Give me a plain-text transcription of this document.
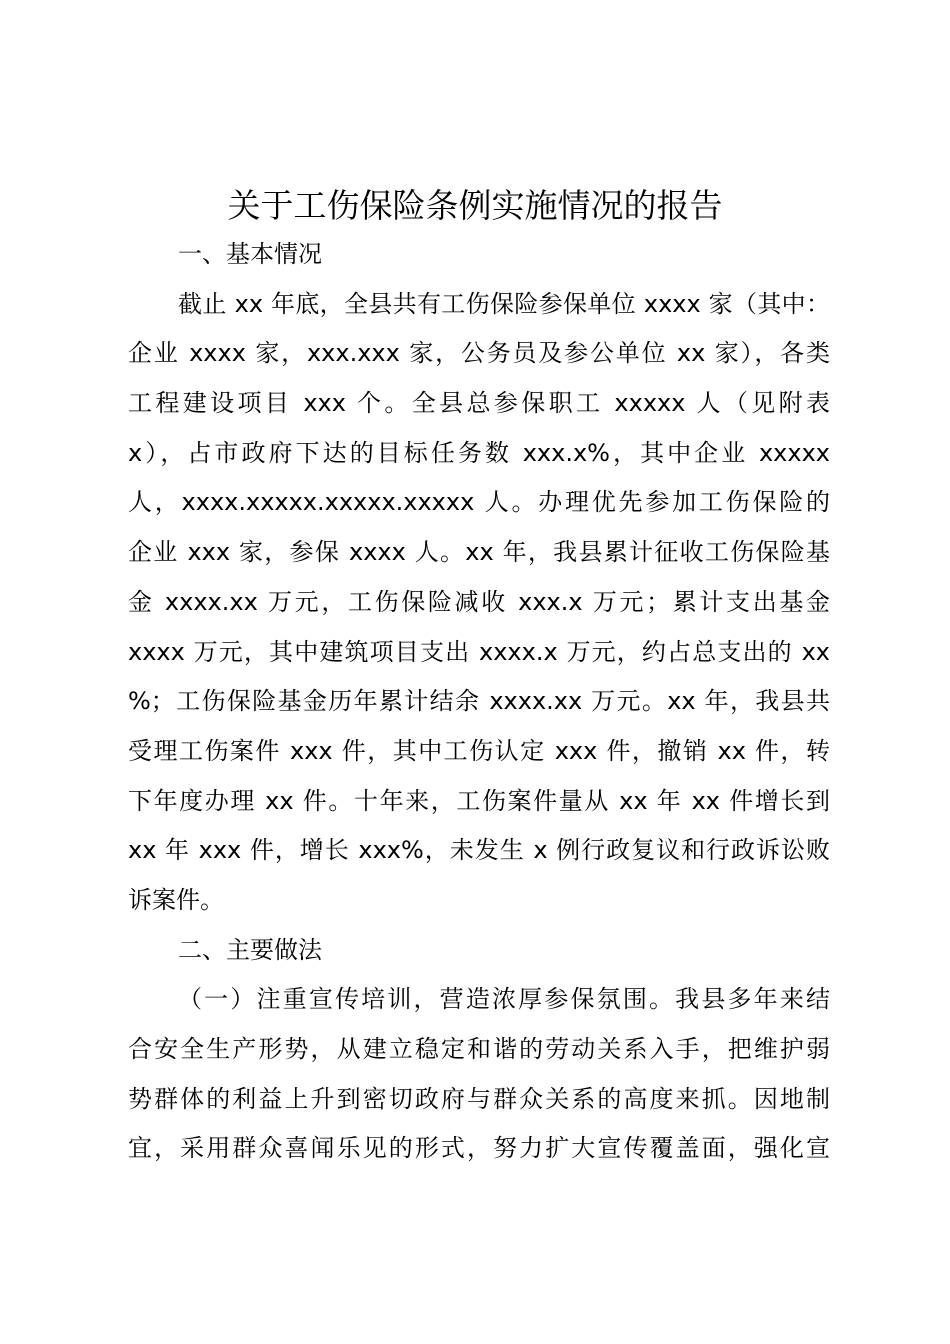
关于工伤保险条例实施情况的报告
一、基本情况
截止 xx 年底，全县共有工伤保险参保单位 xxxx 家（其中：
企业 xxxx 家，xxx.xxx 家，公务员及参公单位 xx 家），各类
工程建设项目 xxx 个。全县总参保职工 xxxxx 人（见附表
x），占市政府下达的目标任务数 xxx.x%，其中企业 xxxxx
人，xxxx.xxxxx.xxxxx.xxxxx 人。办理优先参加工伤保险的
企业 xxx 家，参保 xxxx 人。xx 年，我县累计征收工伤保险基
金 xxxx.xx 万元，工伤保险减收 xxx.x 万元；累计支出基金
xxxx 万元，其中建筑项目支出 xxxx.x 万元，约占总支出的 xx
%；工伤保险基金历年累计结余 xxxx.xx 万元。xx 年，我县共
受理工伤案件 xxx 件，其中工伤认定 xxx 件，撤销 xx 件，转
下年度办理 xx 件。十年来，工伤案件量从 xx 年 xx 件增长到
xx 年 xxx 件，增长 xxx%，未发生 x 例行政复议和行政诉讼败
诉案件。
二、主要做法
（一）注重宣传培训，营造浓厚参保氛围。我县多年来结
合安全生产形势，从建立稳定和谐的劳动关系入手，把维护弱
势群体的利益上升到密切政府与群众关系的高度来抓。因地制
宜，采用群众喜闻乐见的形式，努力扩大宣传覆盖面，强化宣
